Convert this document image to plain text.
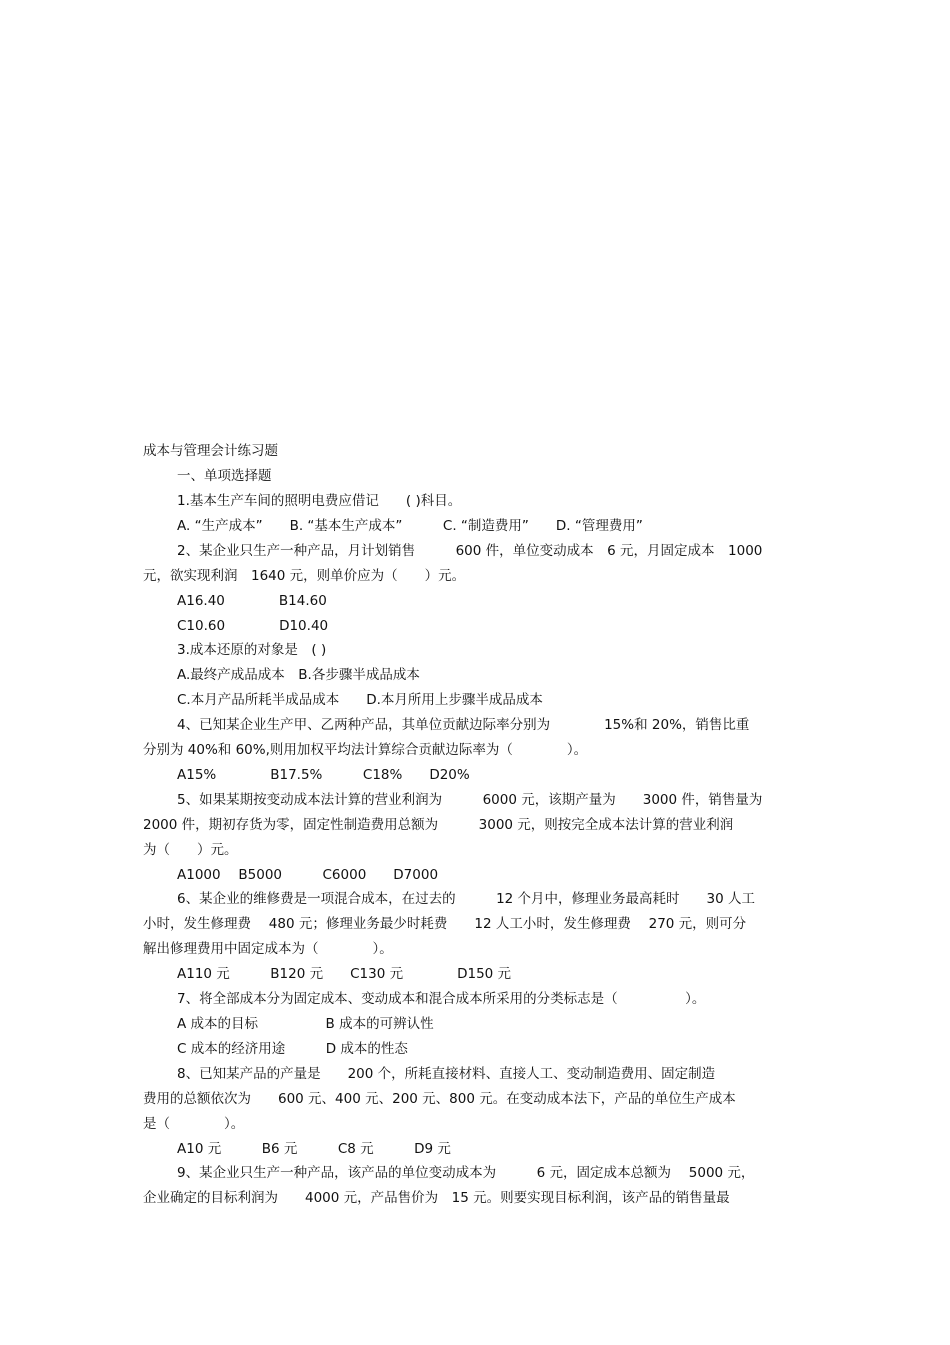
成本与管理会计练习题
一、单项选择题
1.基本生产车间的照明电费应借记　　( )科目。
A. “生产成本”　　B. “基本生产成本”　　　C. “制造费用”　　D. “管理费用”
2、某企业只生产一种产品，月计划销售　　　600 件，单位变动成本　6 元，月固定成本　1000
元，欲实现利润　1640 元，则单价应为（　　）元。
A16.40　　　　B14.60
C10.60　　　　D10.40
3.成本还原的对象是　( )
A.最终产成品成本　B.各步骤半成品成本
C.本月产品所耗半成品成本　　D.本月所用上步骤半成品成本
4、已知某企业生产甲、乙两种产品，其单位贡献边际率分别为　　　　15%和 20%，销售比重
分别为 40%和 60%,则用加权平均法计算综合贡献边际率为（　　　　）。
A15%　　　　B17.5%　　　C18%　　D20%
5、如果某期按变动成本法计算的营业利润为　　　6000 元，该期产量为　　3000 件，销售量为
2000 件，期初存货为零，固定性制造费用总额为　　　3000 元，则按完全成本法计算的营业利润
为（　　）元。
A1000　 B5000　　　C6000　　D7000
6、某企业的维修费是一项混合成本，在过去的　　　12 个月中，修理业务最高耗时　　30 人工
小时，发生修理费　 480 元；修理业务最少时耗费　　12 人工小时，发生修理费　 270 元，则可分
解出修理费用中固定成本为（　　　　）。
A110 元　　　B120 元　　C130 元　　　　D150 元
7、将全部成本分为固定成本、变动成本和混合成本所采用的分类标志是（　　　　　）。
A 成本的目标　　　　　B 成本的可辨认性
C 成本的经济用途　　　D 成本的性态
8、已知某产品的产量是　　200 个，所耗直接材料、直接人工、变动制造费用、固定制造
费用的总额依次为　　600 元、400 元、200 元、800 元。在变动成本法下，产品的单位生产成本
是（　　　　）。
A10 元　　　B6 元　　　C8 元　　　D9 元
9、某企业只生产一种产品，该产品的单位变动成本为　　　6 元，固定成本总额为　 5000 元，
企业确定的目标利润为　　4000 元，产品售价为　15 元。则要实现目标利润，该产品的销售量最
